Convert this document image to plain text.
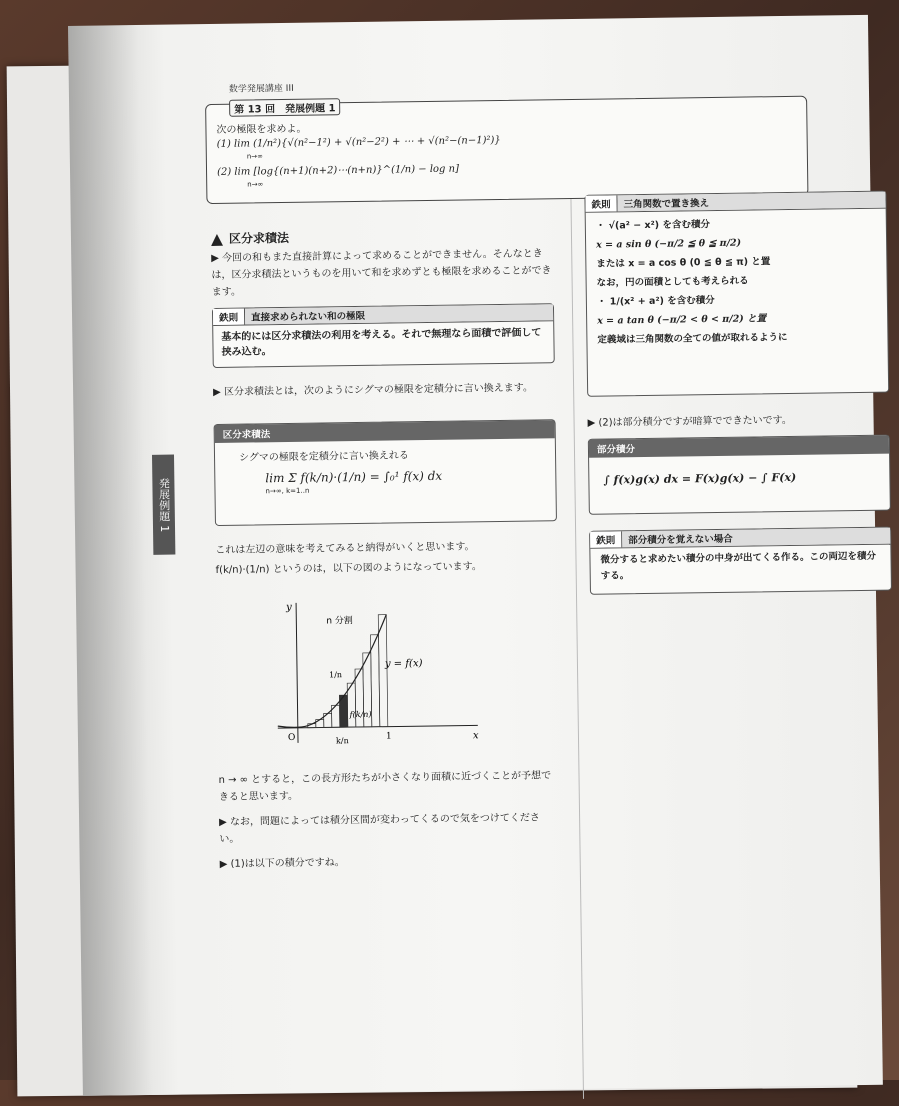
数学発展講座 III
発展例題 1
次の極限を求めよ。
(1) lim (1/n²){√(n²−1²) + √(n²−2²) + ⋯ + √(n²−(n−1)²)}
n→∞
(2) lim [log{(n+1)(n+2)⋯(n+n)}^(1/n) − log n]
n→∞
第 13 回　発展例題 1
区分求積法
▶ 今回の和もまた直接計算によって求めることができません。そんなときは，区分求積法というものを用いて和を求めずとも極限を求めることができます。
鉄則	直接求められない和の極限
基本的には区分求積法の利用を考える。それで無理なら面積で評価して挟み込む。
▶ 区分求積法とは，次のようにシグマの極限を定積分に言い換えます。
区分求積法
シグマの極限を定積分に言い換えれる
lim Σ f(k/n)·(1/n) = ∫₀¹ f(x) dx
n→∞, k=1..n
これは左辺の意味を考えてみると納得がいくと思います。
f(k/n)·(1/n) というのは，以下の図のようになっています。
y
x
O	1
k/n
1/n
f(k/n)
n 分割
y = f(x)
n → ∞ とすると，この長方形たちが小さくなり面積に近づくことが予想できると思います。
▶ なお，問題によっては積分区間が変わってくるので気をつけてください。
▶ (1)は以下の積分ですね。
鉄則	三角関数で置き換え
・ √(a² − x²) を含む積分
x = a sin θ (−π/2 ≦ θ ≦ π/2)
または x = a cos θ (0 ≦ θ ≦ π) と置
なお，円の面積としても考えられる
・ 1/(x² + a²) を含む積分
x = a tan θ (−π/2 < θ < π/2) と置
定義域は三角関数の全ての値が取れるように
▶ (2)は部分積分ですが暗算でできたいです。
部分積分
∫ f(x)g(x) dx = F(x)g(x) − ∫ F(x)
鉄則	部分積分を覚えない場合
微分すると求めたい積分の中身が出てくる作る。この両辺を積分する。
